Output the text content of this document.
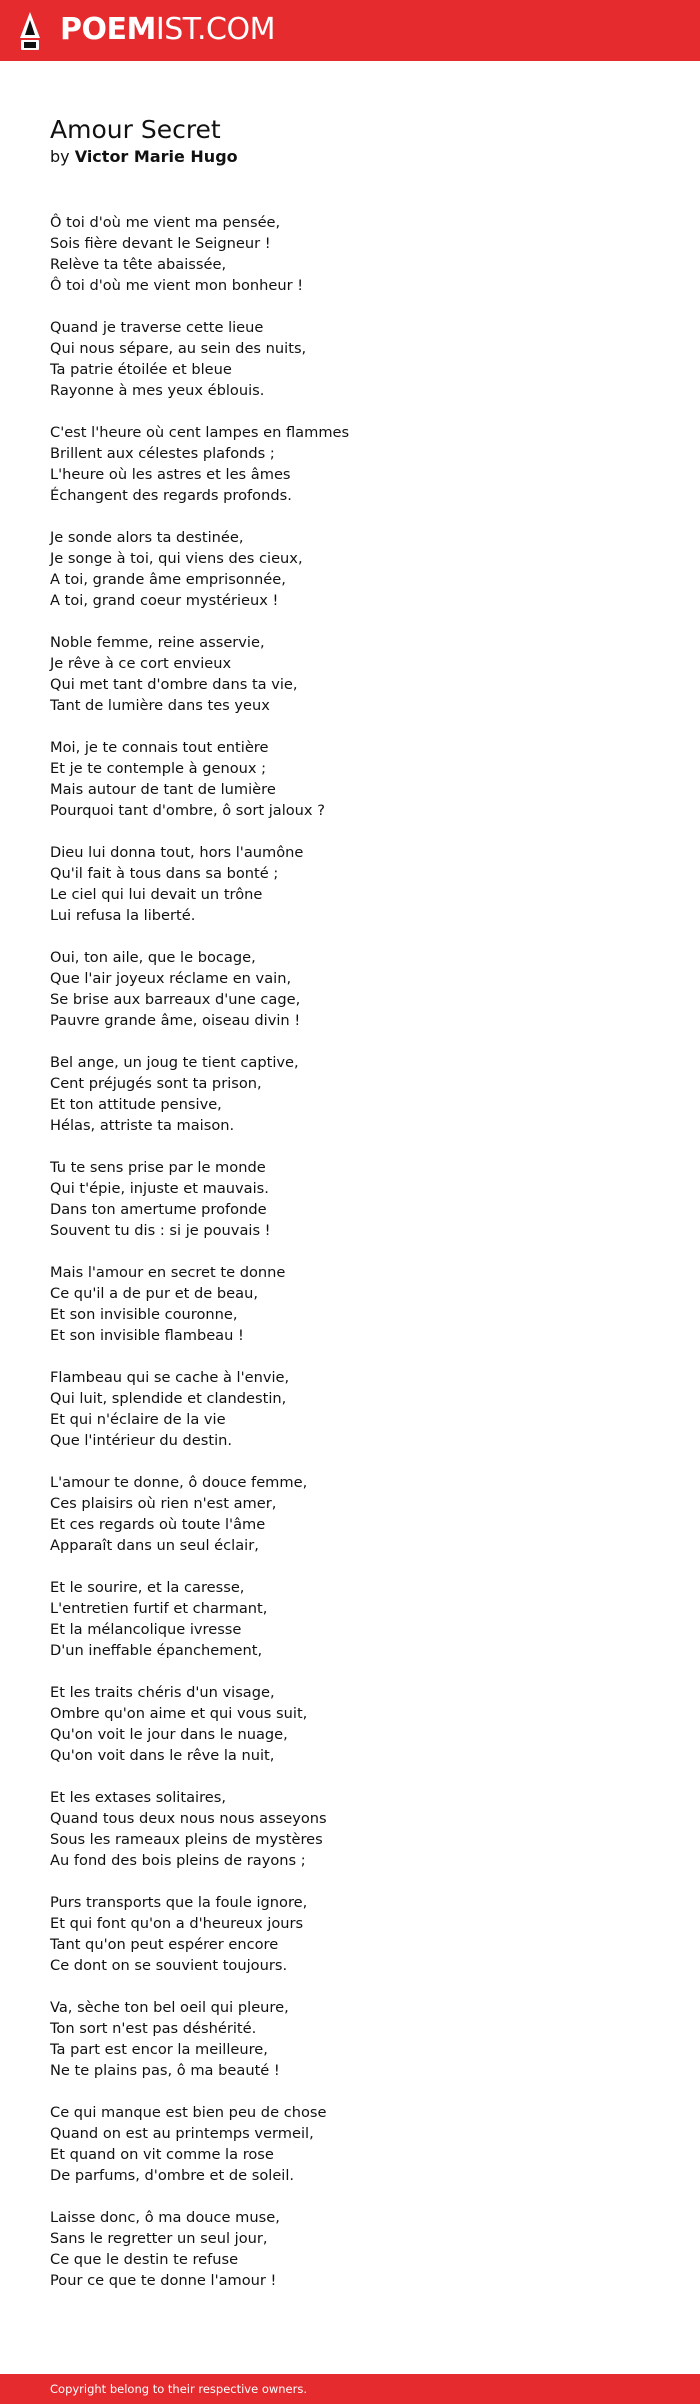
POEMIST.COM
Amour Secret

by Victor Marie Hugo

Ô toi d'où me vient ma pensée,
Sois fière devant le Seigneur !
Relève ta tête abaissée,
Ô toi d'où me vient mon bonheur !
Quand je traverse cette lieue
Qui nous sépare, au sein des nuits,
Ta patrie étoilée et bleue
Rayonne à mes yeux éblouis.
C'est l'heure où cent lampes en flammes
Brillent aux célestes plafonds ;
L'heure où les astres et les âmes
Échangent des regards profonds.
Je sonde alors ta destinée,
Je songe à toi, qui viens des cieux,
A toi, grande âme emprisonnée,
A toi, grand coeur mystérieux !
Noble femme, reine asservie,
Je rêve à ce cort envieux
Qui met tant d'ombre dans ta vie,
Tant de lumière dans tes yeux
Moi, je te connais tout entière
Et je te contemple à genoux ;
Mais autour de tant de lumière
Pourquoi tant d'ombre, ô sort jaloux ?
Dieu lui donna tout, hors l'aumône
Qu'il fait à tous dans sa bonté ;
Le ciel qui lui devait un trône
Lui refusa la liberté.
Oui, ton aile, que le bocage,
Que l'air joyeux réclame en vain,
Se brise aux barreaux d'une cage,
Pauvre grande âme, oiseau divin !
Bel ange, un joug te tient captive,
Cent préjugés sont ta prison,
Et ton attitude pensive,
Hélas, attriste ta maison.
Tu te sens prise par le monde
Qui t'épie, injuste et mauvais.
Dans ton amertume profonde
Souvent tu dis : si je pouvais !
Mais l'amour en secret te donne
Ce qu'il a de pur et de beau,
Et son invisible couronne,
Et son invisible flambeau !
Flambeau qui se cache à l'envie,
Qui luit, splendide et clandestin,
Et qui n'éclaire de la vie
Que l'intérieur du destin.
L'amour te donne, ô douce femme,
Ces plaisirs où rien n'est amer,
Et ces regards où toute l'âme
Apparaît dans un seul éclair,
Et le sourire, et la caresse,
L'entretien furtif et charmant,
Et la mélancolique ivresse
D'un ineffable épanchement,
Et les traits chéris d'un visage,
Ombre qu'on aime et qui vous suit,
Qu'on voit le jour dans le nuage,
Qu'on voit dans le rêve la nuit,
Et les extases solitaires,
Quand tous deux nous nous asseyons
Sous les rameaux pleins de mystères
Au fond des bois pleins de rayons ;
Purs transports que la foule ignore,
Et qui font qu'on a d'heureux jours
Tant qu'on peut espérer encore
Ce dont on se souvient toujours.
Va, sèche ton bel oeil qui pleure,
Ton sort n'est pas déshérité.
Ta part est encor la meilleure,
Ne te plains pas, ô ma beauté !
Ce qui manque est bien peu de chose
Quand on est au printemps vermeil,
Et quand on vit comme la rose
De parfums, d'ombre et de soleil.
Laisse donc, ô ma douce muse,
Sans le regretter un seul jour,
Ce que le destin te refuse
Pour ce que te donne l'amour !
Copyright belong to their respective owners.
